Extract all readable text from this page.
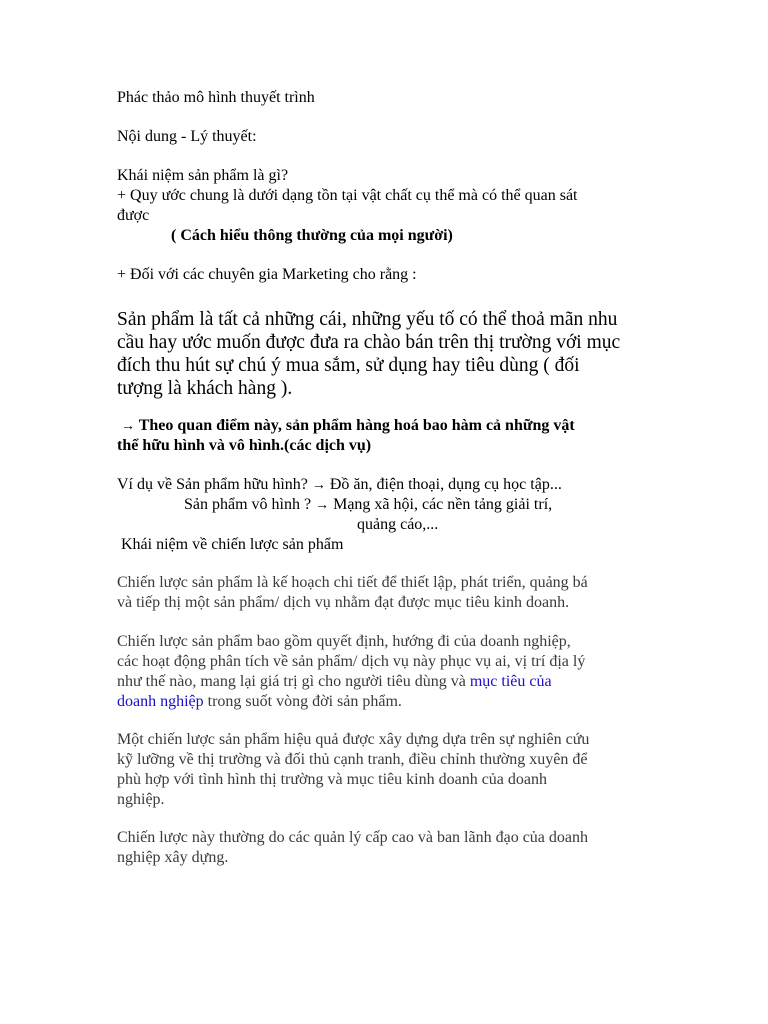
Phác thảo mô hình thuyết trình
Nội dung - Lý thuyết:
Khái niệm sản phẩm là gì?
+ Quy ước chung là dưới dạng tồn tại vật chất cụ thể mà có thể quan sát
được
( Cách hiểu thông thường của mọi người)
+ Đối với các chuyên gia Marketing cho rằng :
Sản phẩm là tất cả những cái, những yếu tố có thể thoả mãn nhu
cầu hay ước muốn được đưa ra chào bán trên thị trường với mục
đích thu hút sự chú ý mua sắm, sử dụng hay tiêu dùng ( đối
tượng là khách hàng ).
→ Theo quan điểm này, sản phẩm hàng hoá bao hàm cả những vật
thể hữu hình và vô hình.(các dịch vụ)
Ví dụ về Sản phẩm hữu hình? → Đồ ăn, điện thoại, dụng cụ học tập...
Sản phẩm vô hình ? → Mạng xã hội, các nền tảng giải trí,
quảng cáo,...
Khái niệm về chiến lược sản phẩm
Chiến lược sản phẩm là kế hoạch chi tiết để thiết lập, phát triển, quảng bá
và tiếp thị một sản phẩm/ dịch vụ nhằm đạt được mục tiêu kinh doanh.
Chiến lược sản phẩm bao gồm quyết định, hướng đi của doanh nghiệp,
các hoạt động phân tích về sản phẩm/ dịch vụ này phục vụ ai, vị trí địa lý
như thế nào, mang lại giá trị gì cho người tiêu dùng và mục tiêu của
doanh nghiệp trong suốt vòng đời sản phẩm.
Một chiến lược sản phẩm hiệu quả được xây dựng dựa trên sự nghiên cứu
kỹ lưỡng về thị trường và đối thủ cạnh tranh, điều chỉnh thường xuyên để
phù hợp với tình hình thị trường và mục tiêu kinh doanh của doanh
nghiệp.
Chiến lược này thường do các quản lý cấp cao và ban lãnh đạo của doanh
nghiệp xây dựng.
